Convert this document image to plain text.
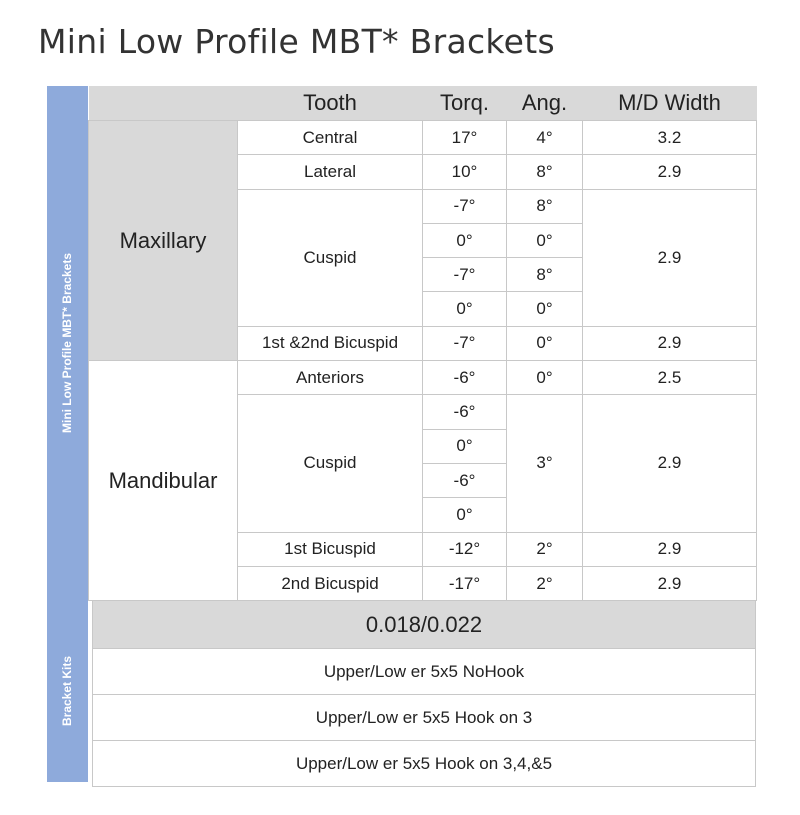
Mini Low Profile MBT* Brackets
Mini Low Profile MBT* Brackets
Bracket Kits
	Tooth	Torq.	Ang.	M/D Width
Maxillary	Central	17°	4°	3.2
	Lateral	10°	8°	2.9
	Cuspid	-7°	8°	2.9
		0°	0°	
		-7°	8°	
		0°	0°	
	1st &2nd Bicuspid	-7°	0°	2.9
Mandibular	Anteriors	-6°	0°	2.5
	Cuspid	-6°	3°	2.9
		0°		
		-6°		
		0°		
	1st Bicuspid	-12°	2°	2.9
	2nd Bicuspid	-17°	2°	2.9
0.018/0.022
Upper/Low er 5x5 NoHook
Upper/Low er 5x5 Hook on 3
Upper/Low er 5x5 Hook on 3,4,&5
